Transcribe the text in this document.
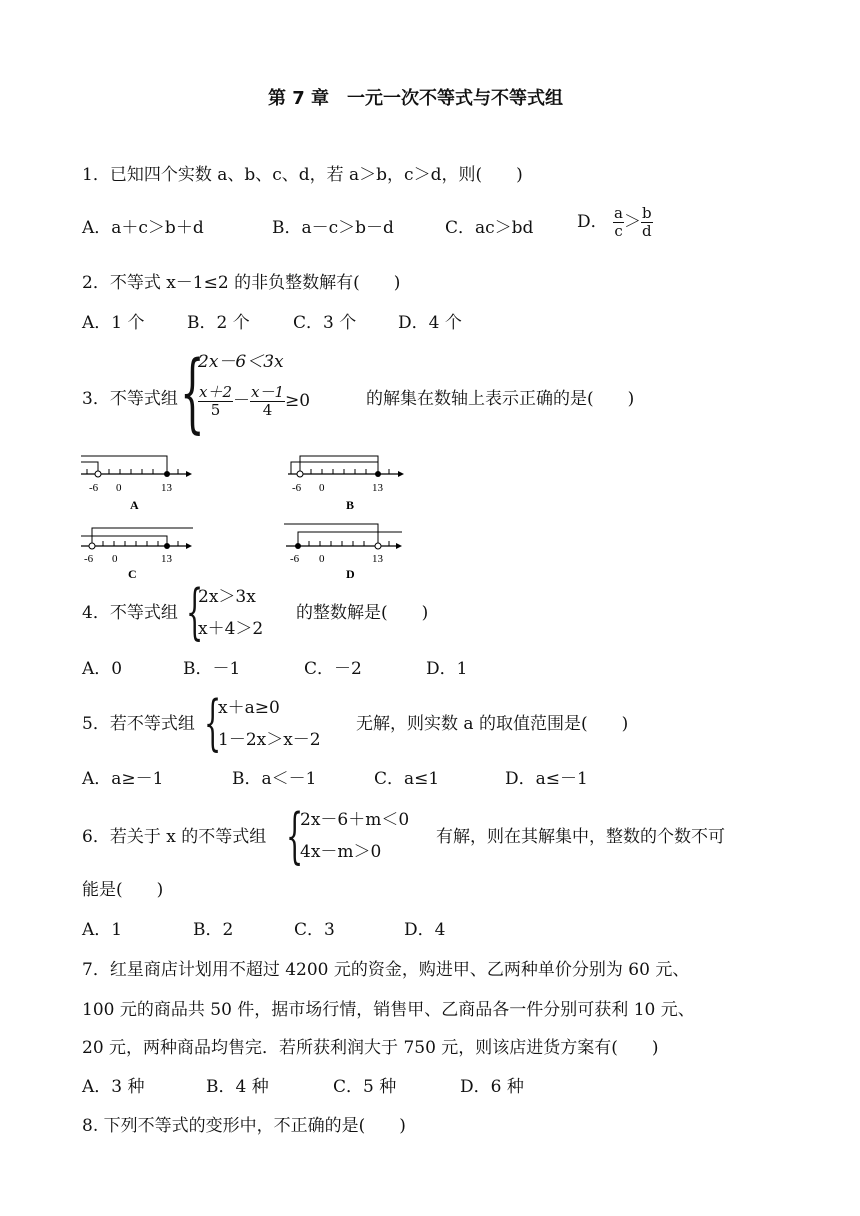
第 7 章　一元一次不等式与不等式组
1．已知四个实数 a、b、c、d，若 a＞b，c＞d，则(　　)
A．a＋c＞b＋d	B．a－c＞b－d	C．ac＞bd	D． $\frac{a}{c} > \frac{b}{d}$
2．不等式 x－1≤2 的非负整数解有(　　)
A．1 个	B．2 个	C．3 个 D．4 个
3．不等式组 {
2x－6＜3x
$\frac{x+2}{5} - \frac{x-1}{4} \ge 0$	的解集在数轴上表示正确的是(　　)
-6 0	13
A
-6 0	13
B
-6 0	13
C
-6 0	13
D
4．不等式组 {
2x＞3x
x＋4＞2
的整数解是(　　)
A．0	B．－1	C．－2	D．1
5．若不等式组 {
x＋a≥0
1－2x＞x－2
无解，则实数 a 的取值范围是(　　)
A．a≥－1	B．a＜－1	C．a≤1	D．a≤－1
6．若关于 x 的不等式组 {
2x－6＋m＜0
4x－m＞0
有解，则在其解集中，整数的个数不可
能是(　　)
A．1	B．2	C．3	D．4
7．红星商店计划用不超过 4200 元的资金，购进甲、乙两种单价分别为 60 元、
100 元的商品共 50 件，据市场行情，销售甲、乙商品各一件分别可获利 10 元、
20 元，两种商品均售完．若所获利润大于 750 元，则该店进货方案有(　　)
A．3 种	B．4 种	C．5 种	D．6 种
8. 下列不等式的变形中，不正确的是(　　)
